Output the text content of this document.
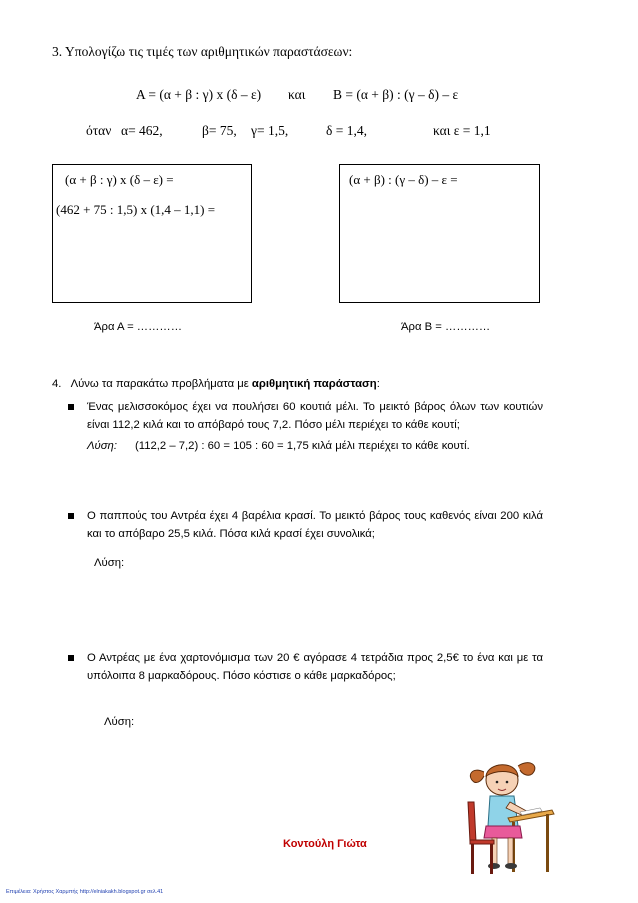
3. Υπολογίζω τις τιμές των αριθμητικών παραστάσεων:
A = (α + β : γ) x (δ – ε) και B = (α + β) : (γ – δ) – ε
όταν α= 462,	β= 75, γ= 1,5,	δ = 1,4,	και ε = 1,1
(α + β : γ) x (δ – ε) =
(462 + 75 : 1,5) x (1,4 – 1,1) =
(α + β) : (γ – δ) – ε =
Άρα Α = …………	Άρα Β = …………
4. Λύνω τα παρακάτω προβλήματα με αριθμητική παράσταση:
Ένας μελισσοκόμος έχει να πουλήσει 60 κουτιά μέλι. Το μεικτό βάρος όλων των κουτιών είναι 112,2 κιλά και το απόβαρό τους 7,2. Πόσο μέλι περιέχει το κάθε κουτί;
Λύση: (112,2 – 7,2) : 60 = 105 : 60 = 1,75 κιλά μέλι περιέχει το κάθε κουτί.
Ο παππούς του Αντρέα έχει 4 βαρέλια κρασί. Το μεικτό βάρος τους καθενός είναι 200 κιλά και το απόβαρο 25,5 κιλά. Πόσα κιλά κρασί έχει συνολικά;
Λύση:
Ο Αντρέας με ένα χαρτονόμισμα των 20 € αγόρασε 4 τετράδια προς 2,5€ το ένα και με τα υπόλοιπα 8 μαρκαδόρους. Πόσο κόστισε ο κάθε μαρκαδόρος;
Λύση:
Κοντούλη Γιώτα
Επιμέλεια: Χρήστος Χαρμπής http://elniakakh.blogspot.gr σελ.41
